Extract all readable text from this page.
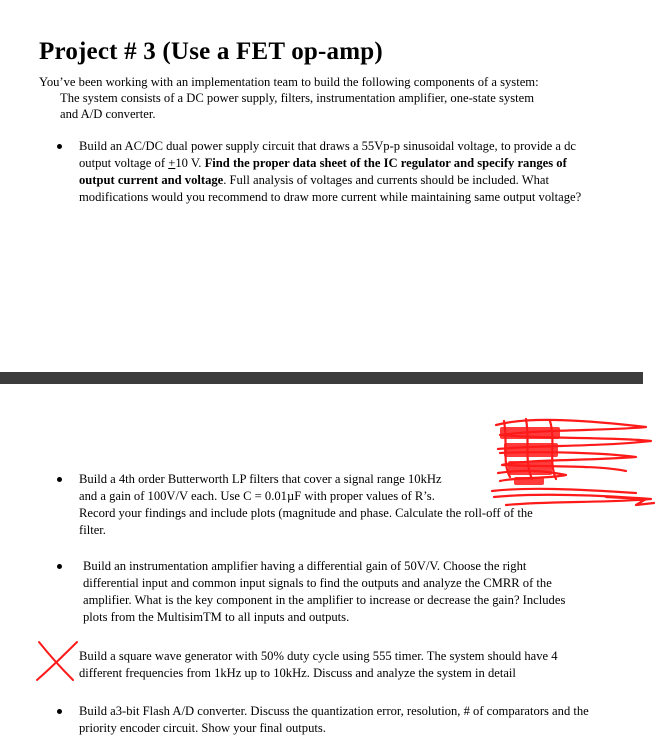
Project # 3 (Use a FET op-amp)
You’ve been working with an implementation team to build the following components of a system:
The system consists of a DC power supply, filters, instrumentation amplifier, one-state system
and A/D converter.
Build an AC/DC dual power supply circuit that draws a 55Vp-p sinusoidal voltage, to provide a dc output voltage of +10 V. Find the proper data sheet of the IC regulator and specify ranges of output current and voltage. Full analysis of voltages and currents should be included. What modifications would you recommend to draw more current while maintaining same output voltage?
Build a 4th order Butterworth LP filters that cover a signal range 10kHz
and a gain of 100V/V each. Use C = 0.01µF with proper values of R’s.
Record your findings and include plots (magnitude and phase. Calculate the roll-off of the
filter.
Build an instrumentation amplifier having a differential gain of 50V/V. Choose the right differential input and common input signals to find the outputs and analyze the CMRR of the amplifier. What is the key component in the amplifier to increase or decrease the gain? Includes plots from the MultisimTM to all inputs and outputs.
Build a square wave generator with 50% duty cycle using 555 timer. The system should have 4 different frequencies from 1kHz up to 10kHz. Discuss and analyze the system in detail
Build a3-bit Flash A/D converter. Discuss the quantization error, resolution, # of comparators and the priority encoder circuit. Show your final outputs.
